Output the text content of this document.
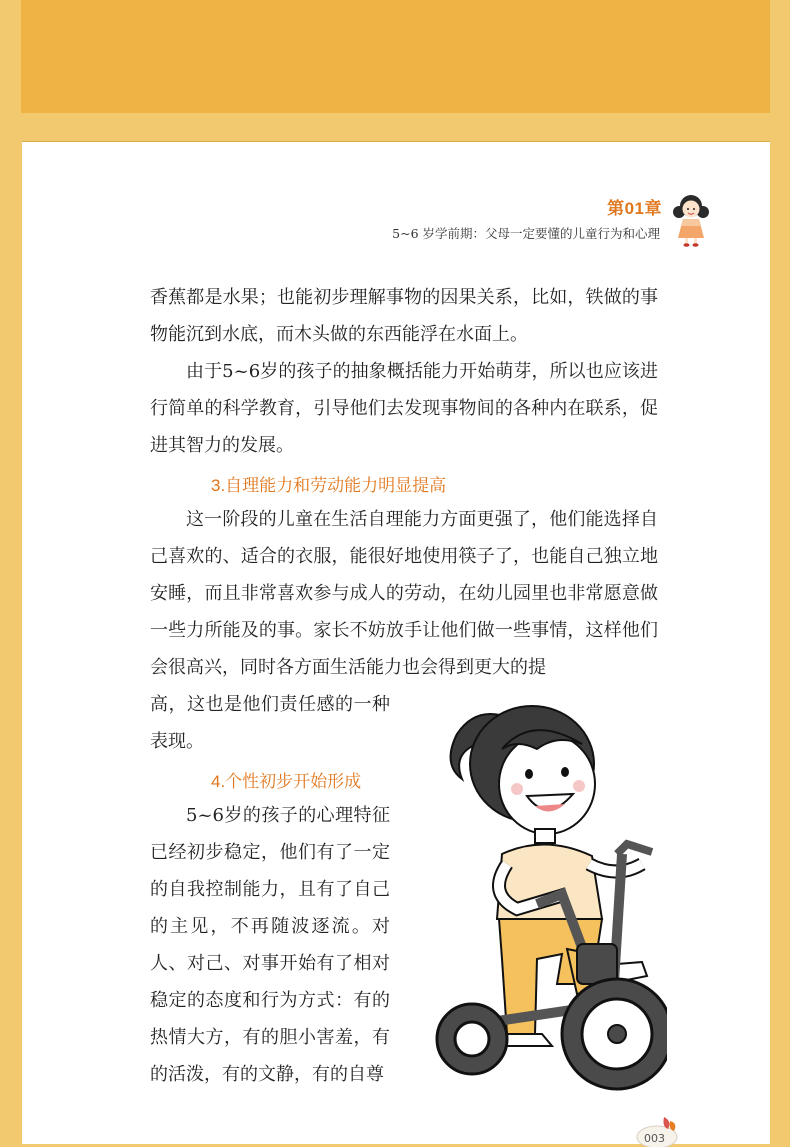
第01章
5~6 岁学前期：父母一定要懂的儿童行为和心理

香蕉都是水果；也能初步理解事物的因果关系，比如，铁做的事物能沉到水底，而木头做的东西能浮在水面上。

由于5~6岁的孩子的抽象概括能力开始萌芽，所以也应该进行简单的科学教育，引导他们去发现事物间的各种内在联系，促进其智力的发展。

3.自理能力和劳动能力明显提高

这一阶段的儿童在生活自理能力方面更强了，他们能选择自己喜欢的、适合的衣服，能很好地使用筷子了，也能自己独立地安睡，而且非常喜欢参与成人的劳动，在幼儿园里也非常愿意做一些力所能及的事。家长不妨放手让他们做一些事情，这样他们会很高兴，同时各方面生活能力也会得到更大的提

高，这也是他们责任感的一种表现。

4.个性初步开始形成

5~6岁的孩子的心理特征已经初步稳定，他们有了一定的自我控制能力，且有了自己的主见，不再随波逐流。对人、对己、对事开始有了相对稳定的态度和行为方式：有的热情大方，有的胆小害羞，有的活泼，有的文静，有的自尊

003
